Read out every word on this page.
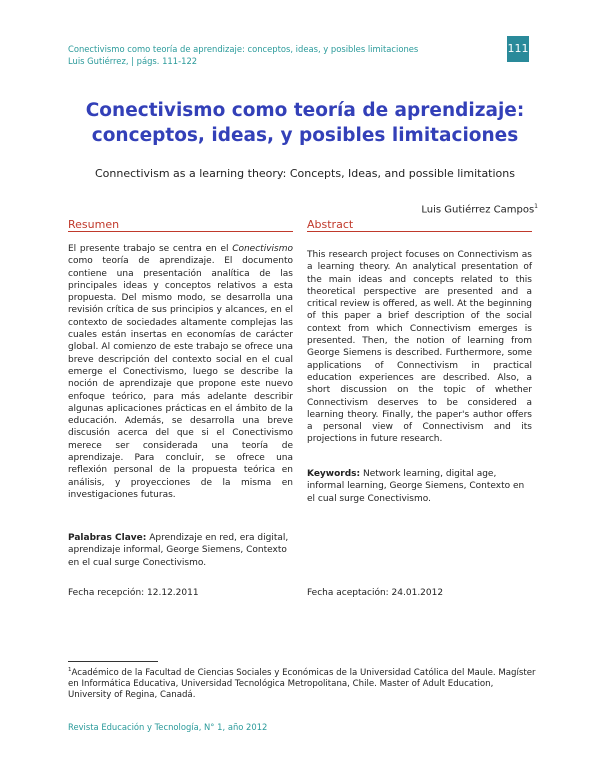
Conectivismo como teoría de aprendizaje: conceptos, ideas, y posibles limitaciones
Luis Gutiérrez, | págs. 111-122
111
Conectivismo como teoría de aprendizaje: conceptos, ideas, y posibles limitaciones
Connectivism as a learning theory: Concepts, Ideas, and possible limitations
Luis Gutiérrez Campos$^1$
Resumen	Abstract

El presente trabajo se centra en el Conectivismo como teoría de aprendizaje. El documento contiene una presentación analítica de las principales ideas y conceptos relativos a esta propuesta. Del mismo modo, se desarrolla una revisión crítica de sus principios y alcances, en el contexto de sociedades altamente complejas las cuales están insertas en economías de carácter global. Al comienzo de este trabajo se ofrece una breve descripción del contexto social en el cual emerge el Conectivismo, luego se describe la noción de aprendizaje que propone este nuevo enfoque teórico, para más adelante describir algunas aplicaciones prácticas en el ámbito de la educación. Además, se desarrolla una breve discusión acerca del que si el Conectivismo merece ser considerada una teoría de aprendizaje. Para concluir, se ofrece una reflexión personal de la propuesta teórica en análisis, y proyecciones de la misma en investigaciones futuras.

This research project focuses on Connectivism as a learning theory. An analytical presentation of the main ideas and concepts related to this theoretical perspective are presented and a critical review is offered, as well. At the beginning of this paper a brief description of the social context from which Connectivism emerges is presented. Then, the notion of learning from George Siemens is described. Furthermore, some applications of Connectivism in practical education experiences are described. Also, a short discussion on the topic of whether Connectivism deserves to be considered a learning theory. Finally, the paper's author offers a personal view of Connectivism and its projections in future research.

Palabras Clave: Aprendizaje en red, era digital, aprendizaje informal, George Siemens, Contexto en el cual surge Conectivismo.

Keywords: Network learning, digital age, informal learning, George Siemens, Contexto en el cual surge Conectivismo.

Fecha recepción: 12.12.2011	Fecha aceptación: 24.01.2012
$^1$Académico de la Facultad de Ciencias Sociales y Económicas de la Universidad Católica del Maule. Magíster en Informática Educativa, Universidad Tecnológica Metropolitana, Chile. Master of Adult Education, University of Regina, Canadá.
Revista Educación y Tecnología, N° 1, año 2012
